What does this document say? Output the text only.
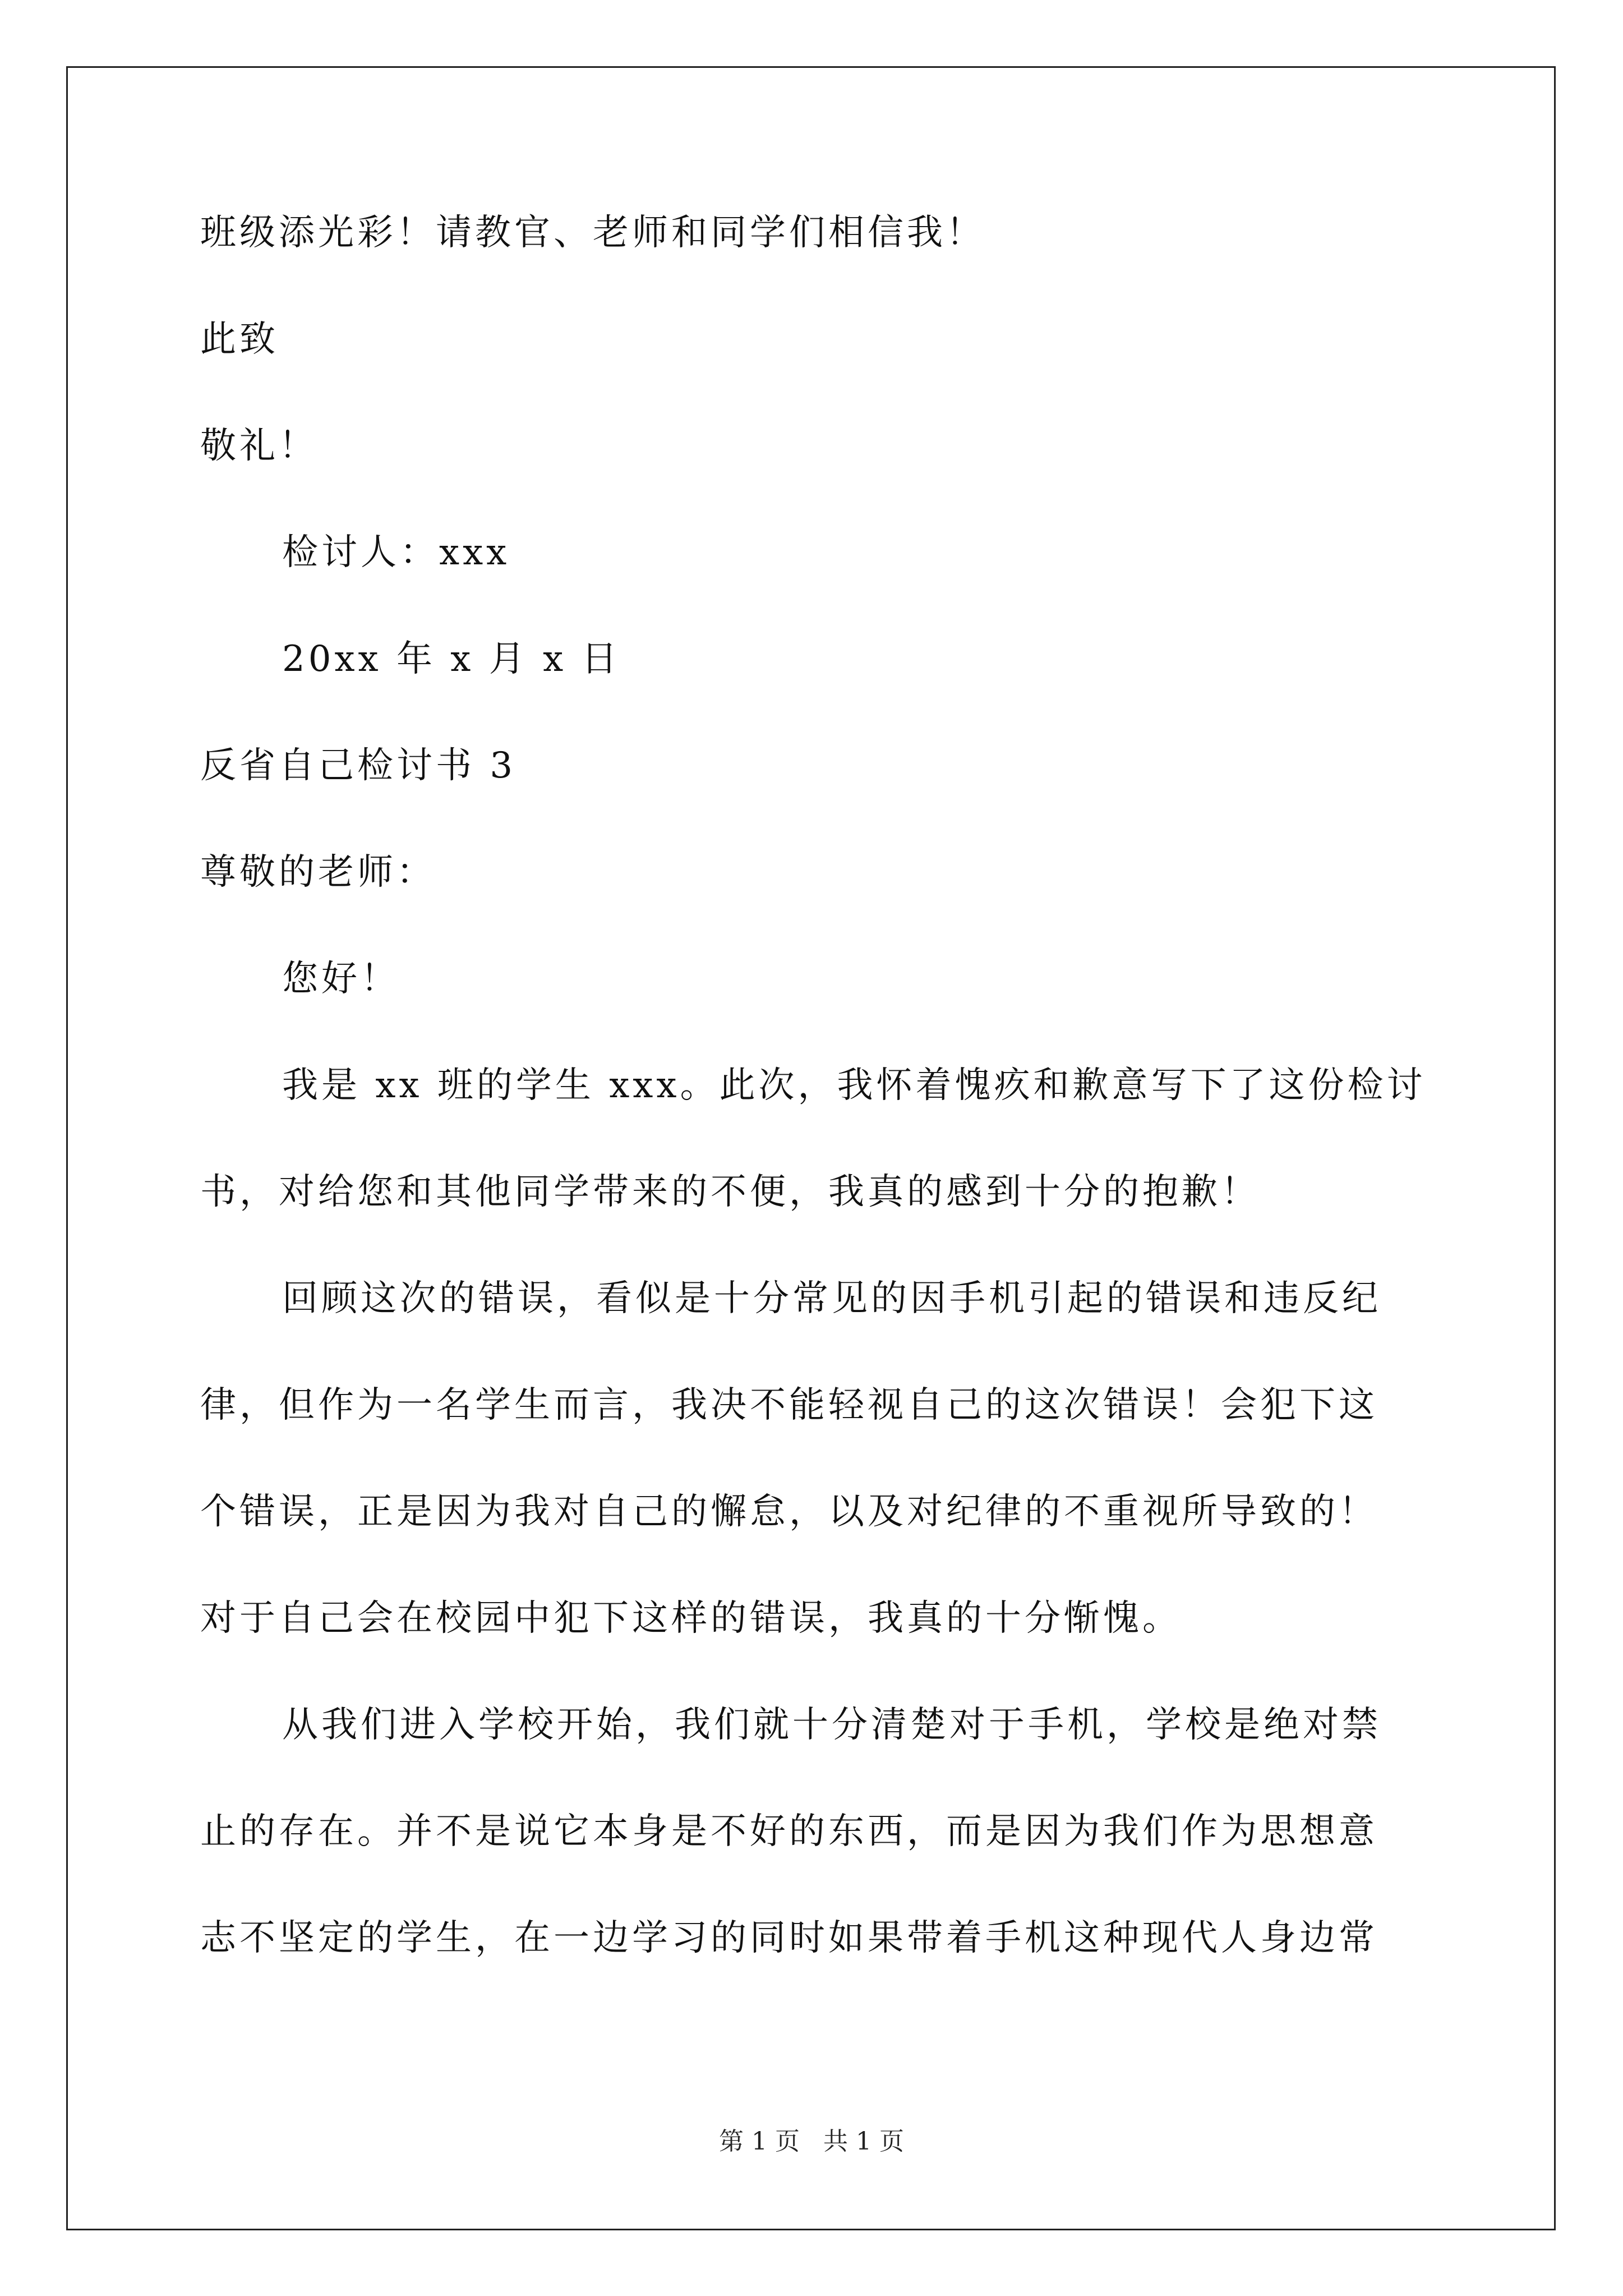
班级添光彩！请教官、老师和同学们相信我！
此致
敬礼！
检讨人：xxx
20xx 年 x 月 x 日
反省自己检讨书 3
尊敬的老师：
您好！
我是 xx 班的学生 xxx。此次，我怀着愧疚和歉意写下了这份检讨
书，对给您和其他同学带来的不便，我真的感到十分的抱歉！
回顾这次的错误，看似是十分常见的因手机引起的错误和违反纪
律，但作为一名学生而言，我决不能轻视自己的这次错误！会犯下这
个错误，正是因为我对自己的懈怠，以及对纪律的不重视所导致的！
对于自己会在校园中犯下这样的错误，我真的十分惭愧。
从我们进入学校开始，我们就十分清楚对于手机，学校是绝对禁
止的存在。并不是说它本身是不好的东西，而是因为我们作为思想意
志不坚定的学生，在一边学习的同时如果带着手机这种现代人身边常
第 1 页 共 1 页
